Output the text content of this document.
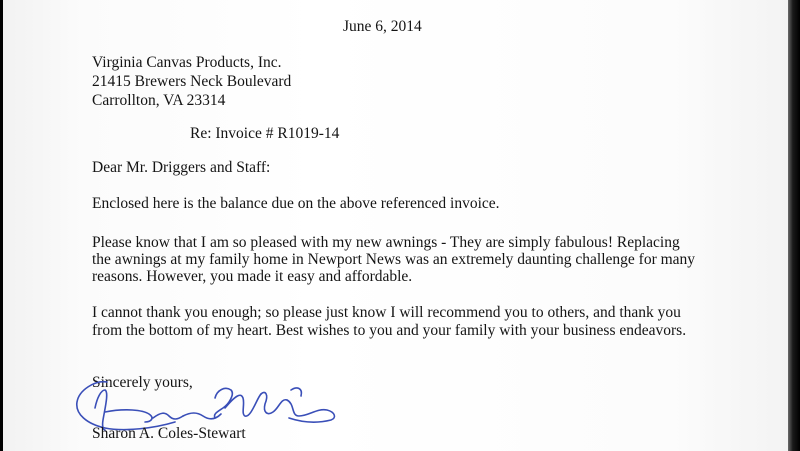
June 6, 2014
Virginia Canvas Products, Inc.
21415 Brewers Neck Boulevard
Carrollton, VA 23314
Re: Invoice # R1019-14
Dear Mr. Driggers and Staff:
Enclosed here is the balance due on the above referenced invoice.
Please know that I am so pleased with my new awnings - They are simply fabulous! Replacing
the awnings at my family home in Newport News was an extremely daunting challenge for many
reasons. However, you made it easy and affordable.
I cannot thank you enough; so please just know I will recommend you to others, and thank you
from the bottom of my heart. Best wishes to you and your family with your business endeavors.
Sincerely yours,
Sharon A. Coles-Stewart
